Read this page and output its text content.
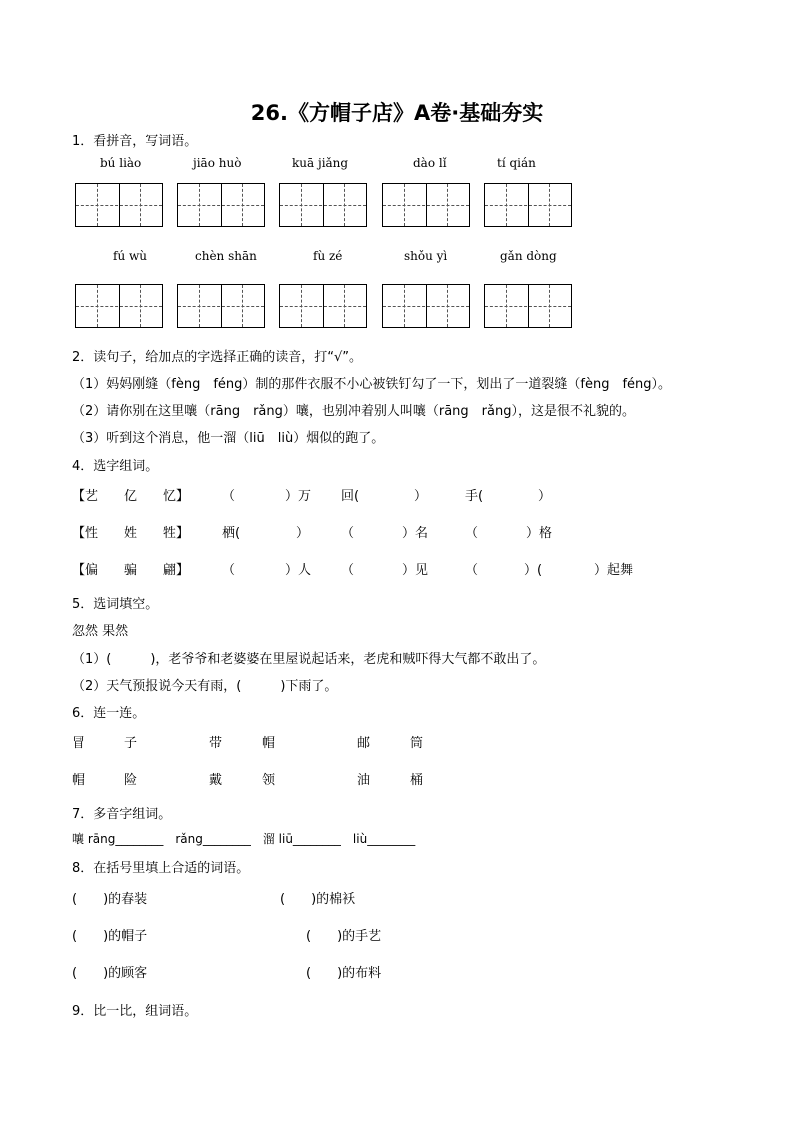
26.《方帽子店》A卷·基础夯实
1．看拼音，写词语。
bú liào	jiāo huò	kuā jiǎng	dào lǐ	tí qián
fú wù	chèn shān	fù zé	shǒu yì	gǎn dòng
2．读句子，给加点的字选择正确的读音，打“√”。
（1）妈妈刚缝（fèng　féng）制的那件衣服不小心被铁钉勾了一下，划出了一道裂缝（fèng　féng）。
（2）请你别在这里嚷（rāng　rǎng）嚷，也别冲着别人叫嚷（rāng　rǎng），这是很不礼貌的。
（3）听到这个消息，他一溜（liū　liù）烟似的跑了。
4．选字组词。
【艺　　亿　　忆】	（	）万 回(	）	手(	）
【性　　姓　　牲】	栖(	） （	）名	（	）格
【偏　　骗　　翩】	（	）人 （	）见	（	）(	）起舞
5．选词填空。
忽然 果然
（1）(　　　)，老爷爷和老婆婆在里屋说起话来，老虎和贼吓得大气都不敢出了。
（2）天气预报说今天有雨，(　　　)下雨了。
6．连一连。
冒	子	带	帽	邮	筒
帽	险	戴	领	油	桶
7．多音字组词。
嚷 rāng________　rǎng________　溜 liū________　liù________
8．在括号里填上合适的词语。
(　　)的春装	(　　)的棉袄
(　　)的帽子	(　　)的手艺
(　　)的顾客	(　　)的布料
9．比一比，组词语。
